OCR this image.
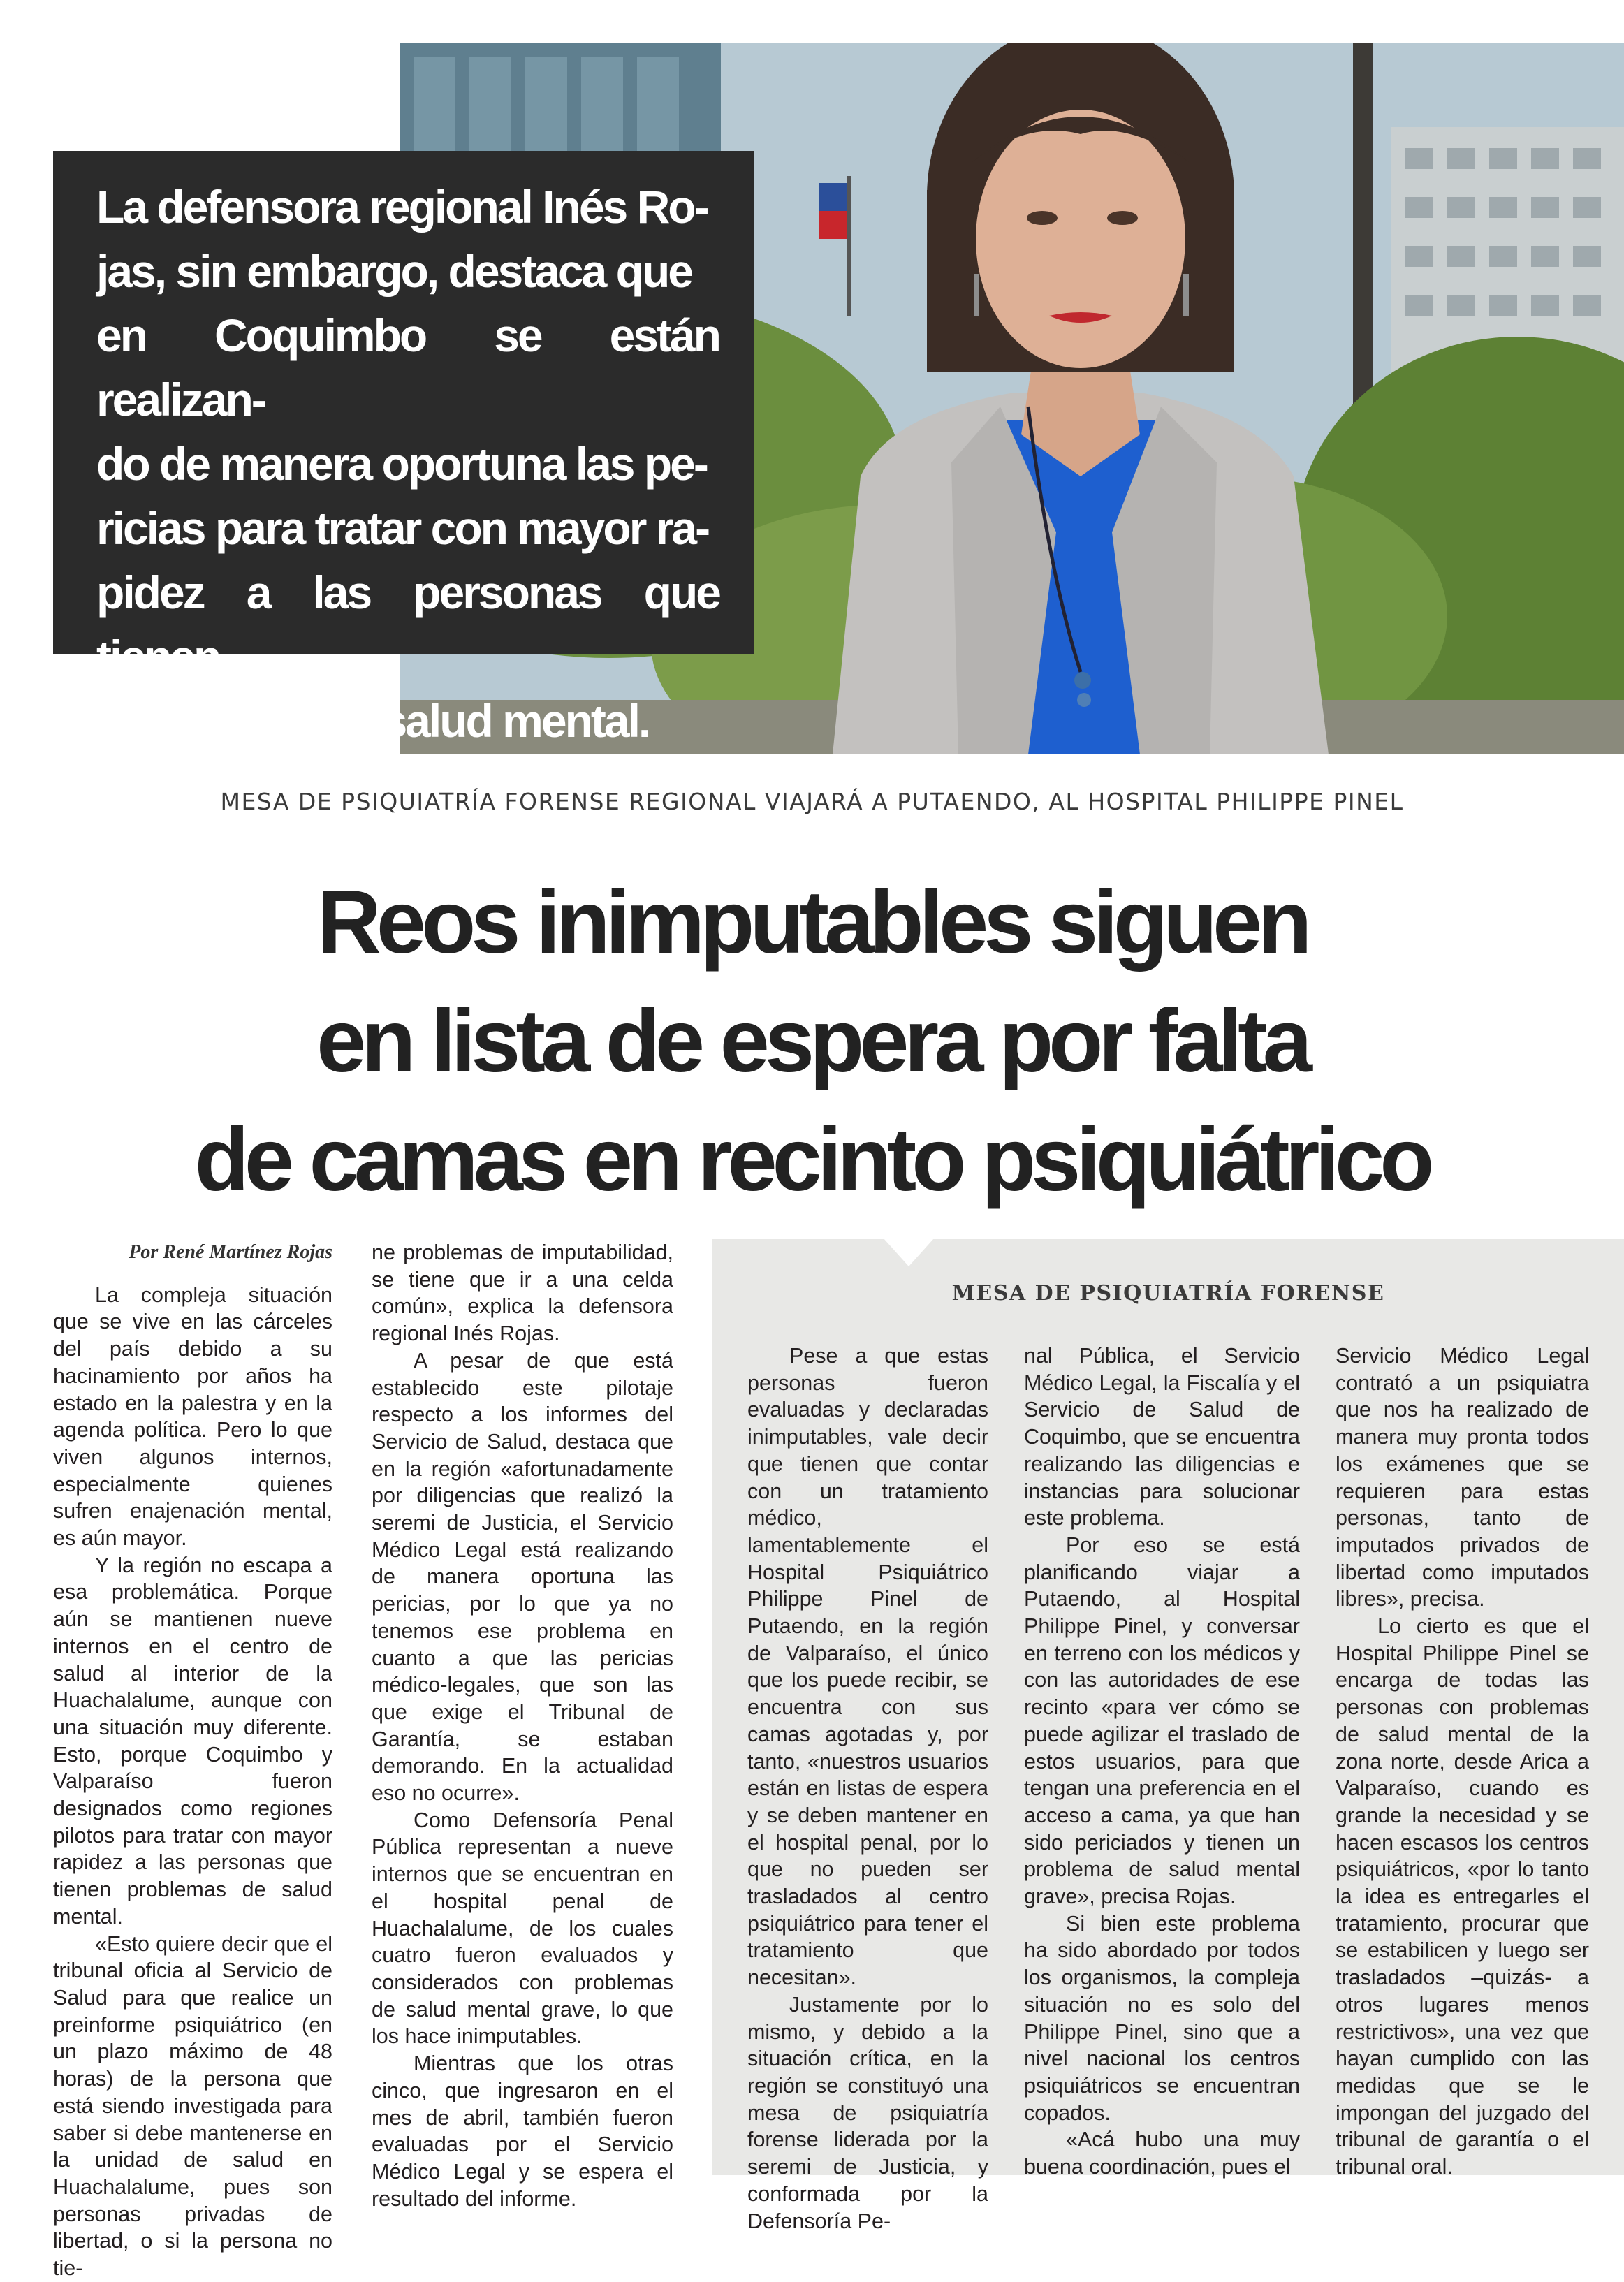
La defensora regional Inés Ro-
jas, sin embargo, destaca que
en Coquimbo se están realizan-
do de manera oportuna las pe-
ricias para tratar con mayor ra-
pidez a las personas que tienen
problemas de salud mental.

MESA DE PSIQUIATRÍA FORENSE REGIONAL VIAJARÁ A PUTAENDO, AL HOSPITAL PHILIPPE PINEL
Reos inimputables siguen
en lista de espera por falta
de camas en recinto psiquiátrico

Por René Martínez Rojas

La compleja situación que se vive en las cárceles del país debido a su hacinamiento por años ha estado en la palestra y en la agenda política. Pero lo que viven algunos internos, especialmente quienes sufren enajenación mental, es aún mayor.

Y la región no escapa a esa problemática. Porque aún se mantienen nueve internos en el centro de salud al interior de la Huachalalume, aunque con una situación muy diferente. Esto, porque Coquimbo y Valparaíso fueron designados como regiones pilotos para tratar con mayor rapidez a las personas que tienen problemas de salud mental.

«Esto quiere decir que el tribunal oficia al Servicio de Salud para que realice un preinforme psiquiátrico (en un plazo máximo de 48 horas) de la persona que está siendo investigada para saber si debe mantenerse en la unidad de salud en Huachalalume, pues son personas privadas de libertad, o si la persona no tie-

ne problemas de imputabilidad, se tiene que ir a una celda común», explica la defensora regional Inés Rojas.

A pesar de que está establecido este pilotaje respecto a los informes del Servicio de Salud, destaca que en la región «afortunadamente por diligencias que realizó la seremi de Justicia, el Servicio Médico Legal está realizando de manera oportuna las pericias, por lo que ya no tenemos ese problema en cuanto a que las pericias médico-legales, que son las que exige el Tribunal de Garantía, se estaban demorando. En la actualidad eso no ocurre».

Como Defensoría Penal Pública representan a nueve internos que se encuentran en el hospital penal de Huachalalume, de los cuales cuatro fueron evaluados y considerados con problemas de salud mental grave, lo que los hace inimputables.

Mientras que los otras cinco, que ingresaron en el mes de abril, también fueron evaluadas por el Servicio Médico Legal y se espera el resultado del informe.

MESA DE PSIQUIATRÍA FORENSE

Pese a que estas personas fueron evaluadas y declaradas inimputables, vale decir que tienen que contar con un tratamiento médico, lamentablemente el Hospital Psiquiátrico Philippe Pinel de Putaendo, en la región de Valparaíso, el único que los puede recibir, se encuentra con sus camas agotadas y, por tanto, «nuestros usuarios están en listas de espera y se deben mantener en el hospital penal, por lo que no pueden ser trasladados al centro psiquiátrico para tener el tratamiento que necesitan».

Justamente por lo mismo, y debido a la situación crítica, en la región se constituyó una mesa de psiquiatría forense liderada por la seremi de Justicia, y conformada por la Defensoría Pe-

nal Pública, el Servicio Médico Legal, la Fiscalía y el Servicio de Salud de Coquimbo, que se encuentra realizando las diligencias e instancias para solucionar este problema.

Por eso se está planificando viajar a Putaendo, al Hospital Philippe Pinel, y conversar en terreno con los médicos y con las autoridades de ese recinto «para ver cómo se puede agilizar el traslado de estos usuarios, para que tengan una preferencia en el acceso a cama, ya que han sido periciados y tienen un problema de salud mental grave», precisa Rojas.

Si bien este problema ha sido abordado por todos los organismos, la compleja situación no es solo del Philippe Pinel, sino que a nivel nacional los centros psiquiátricos se encuentran copados.

«Acá hubo una muy buena coordinación, pues el

Servicio Médico Legal contrató a un psiquiatra que nos ha realizado de manera muy pronta todos los exámenes que se requieren para estas personas, tanto de imputados privados de libertad como imputados libres», precisa.

Lo cierto es que el Hospital Philippe Pinel se encarga de todas las personas con problemas de salud mental de la zona norte, desde Arica a Valparaíso, cuando es grande la necesidad y se hacen escasos los centros psiquiátricos, «por lo tanto la idea es entregarles el tratamiento, procurar que se estabilicen y luego ser trasladados –quizás- a otros lugares menos restrictivos», una vez que hayan cumplido con las medidas que se le impongan del juzgado del tribunal de garantía o el tribunal oral.
